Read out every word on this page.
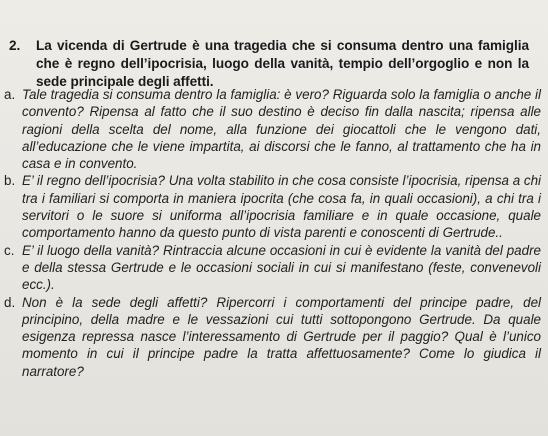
2.	La vicenda di Gertrude è una tragedia che si consuma dentro una famiglia che è regno dell’ipocrisia, luogo della vanità, tempio dell’orgoglio e non la sede principale degli affetti.
a. Tale tragedia si consuma dentro la famiglia: è vero? Riguarda solo la famiglia o anche il convento? Ripensa al fatto che il suo destino è deciso fin dalla nascita; ripensa alle ragioni della scelta del nome, alla funzione dei giocattoli che le vengono dati, all’educazione che le viene impartita, ai discorsi che le fanno, al trattamento che ha in casa e in convento.
b. E’ il regno dell’ipocrisia? Una volta stabilito in che cosa consiste l’ipocrisia, ripensa a chi tra i familiari si comporta in maniera ipocrita (che cosa fa, in quali occasioni), a chi tra i servitori o le suore si uniforma all’ipocrisia familiare e in quale occasione, quale comportamento hanno da questo punto di vista parenti e conoscenti di Gertrude..
c. E’ il luogo della vanità? Rintraccia alcune occasioni in cui è evidente la vanità del padre e della stessa Gertrude e le occasioni sociali in cui si manifestano (feste, convenevoli ecc.).
d. Non è la sede degli affetti? Ripercorri i comportamenti del principe padre, del principino, della madre e le vessazioni cui tutti sottopongono Gertrude. Da quale esigenza repressa nasce l’interessamento di Gertrude per il paggio? Qual è l’unico momento in cui il principe padre la tratta affettuosamente? Come lo giudica il narratore?
